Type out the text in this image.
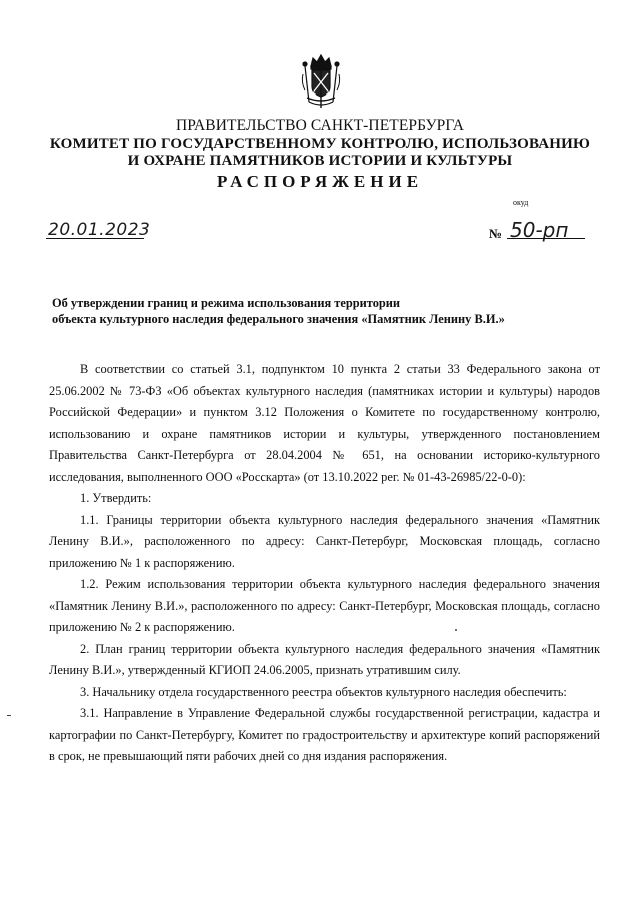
ПРАВИТЕЛЬСТВО САНКТ-ПЕТЕРБУРГА
КОМИТЕТ ПО ГОСУДАРСТВЕННОМУ КОНТРОЛЮ, ИСПОЛЬЗОВАНИЮ
И ОХРАНЕ ПАМЯТНИКОВ ИСТОРИИ И КУЛЬТУРЫ
РАСПОРЯЖЕНИЕ
окуд
20.01.2023	№ 50-рп
Об утверждении границ и режима использования территории
объекта культурного наследия федерального значения «Памятник Ленину В.И.»

В соответствии со статьей 3.1, подпунктом 10 пункта 2 статьи 33 Федерального закона от 25.06.2002 № 73-ФЗ «Об объектах культурного наследия (памятниках истории и культуры) народов Российской Федерации» и пунктом 3.12 Положения о Комитете по государственному контролю, использованию и охране памятников истории и культуры, утвержденного постановлением Правительства Санкт-Петербурга от 28.04.2004 № 651, на основании историко-культурного исследования, выполненного ООО «Росскарта» (от 13.10.2022 рег. № 01-43-26985/22-0-0):

1. Утвердить:

1.1. Границы территории объекта культурного наследия федерального значения «Памятник Ленину В.И.», расположенного по адресу: Санкт-Петербург, Московская площадь, согласно приложению № 1 к распоряжению.

1.2. Режим использования территории объекта культурного наследия федерального значения «Памятник Ленину В.И.», расположенного по адресу: Санкт-Петербург, Московская площадь, согласно приложению № 2 к распоряжению.

2. План границ территории объекта культурного наследия федерального значения «Памятник Ленину В.И.», утвержденный КГИОП 24.06.2005, признать утратившим силу.

3. Начальнику отдела государственного реестра объектов культурного наследия обеспечить:

3.1. Направление в Управление Федеральной службы государственной регистрации, кадастра и картографии по Санкт-Петербургу, Комитет по градостроительству и архитектуре копий распоряжений в срок, не превышающий пяти рабочих дней со дня издания распоряжения.
